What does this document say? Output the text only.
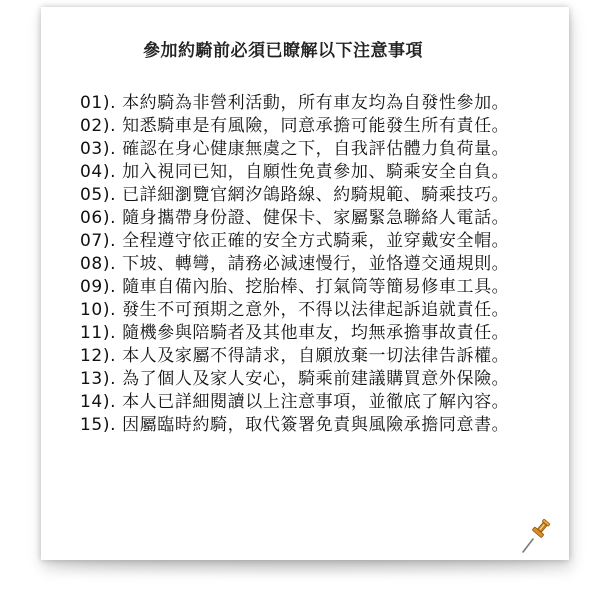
參加約騎前必須已瞭解以下注意事項
01). 本約騎為非營利活動，所有車友均為自發性參加。
02). 知悉騎車是有風險，同意承擔可能發生所有責任。
03). 確認在身心健康無虞之下，自我評估體力負荷量。
04). 加入視同已知，自願性免責參加、騎乘安全自負。
05). 已詳細瀏覽官網汐鴿路線、約騎規範、騎乘技巧。
06). 隨身攜帶身份證、健保卡、家屬緊急聯絡人電話。
07). 全程遵守依正確的安全方式騎乘，並穿戴安全帽。
08). 下坡、轉彎，請務必減速慢行，並恪遵交通規則。
09). 隨車自備內胎、挖胎棒、打氣筒等簡易修車工具。
10). 發生不可預期之意外，不得以法律起訴追就責任。
11). 隨機參與陪騎者及其他車友，均無承擔事故責任。
12). 本人及家屬不得請求，自願放棄一切法律告訴權。
13). 為了個人及家人安心，騎乘前建議購買意外保險。
14). 本人已詳細閱讀以上注意事項，並徹底了解內容。
15). 因屬臨時約騎，取代簽署免責與風險承擔同意書。
